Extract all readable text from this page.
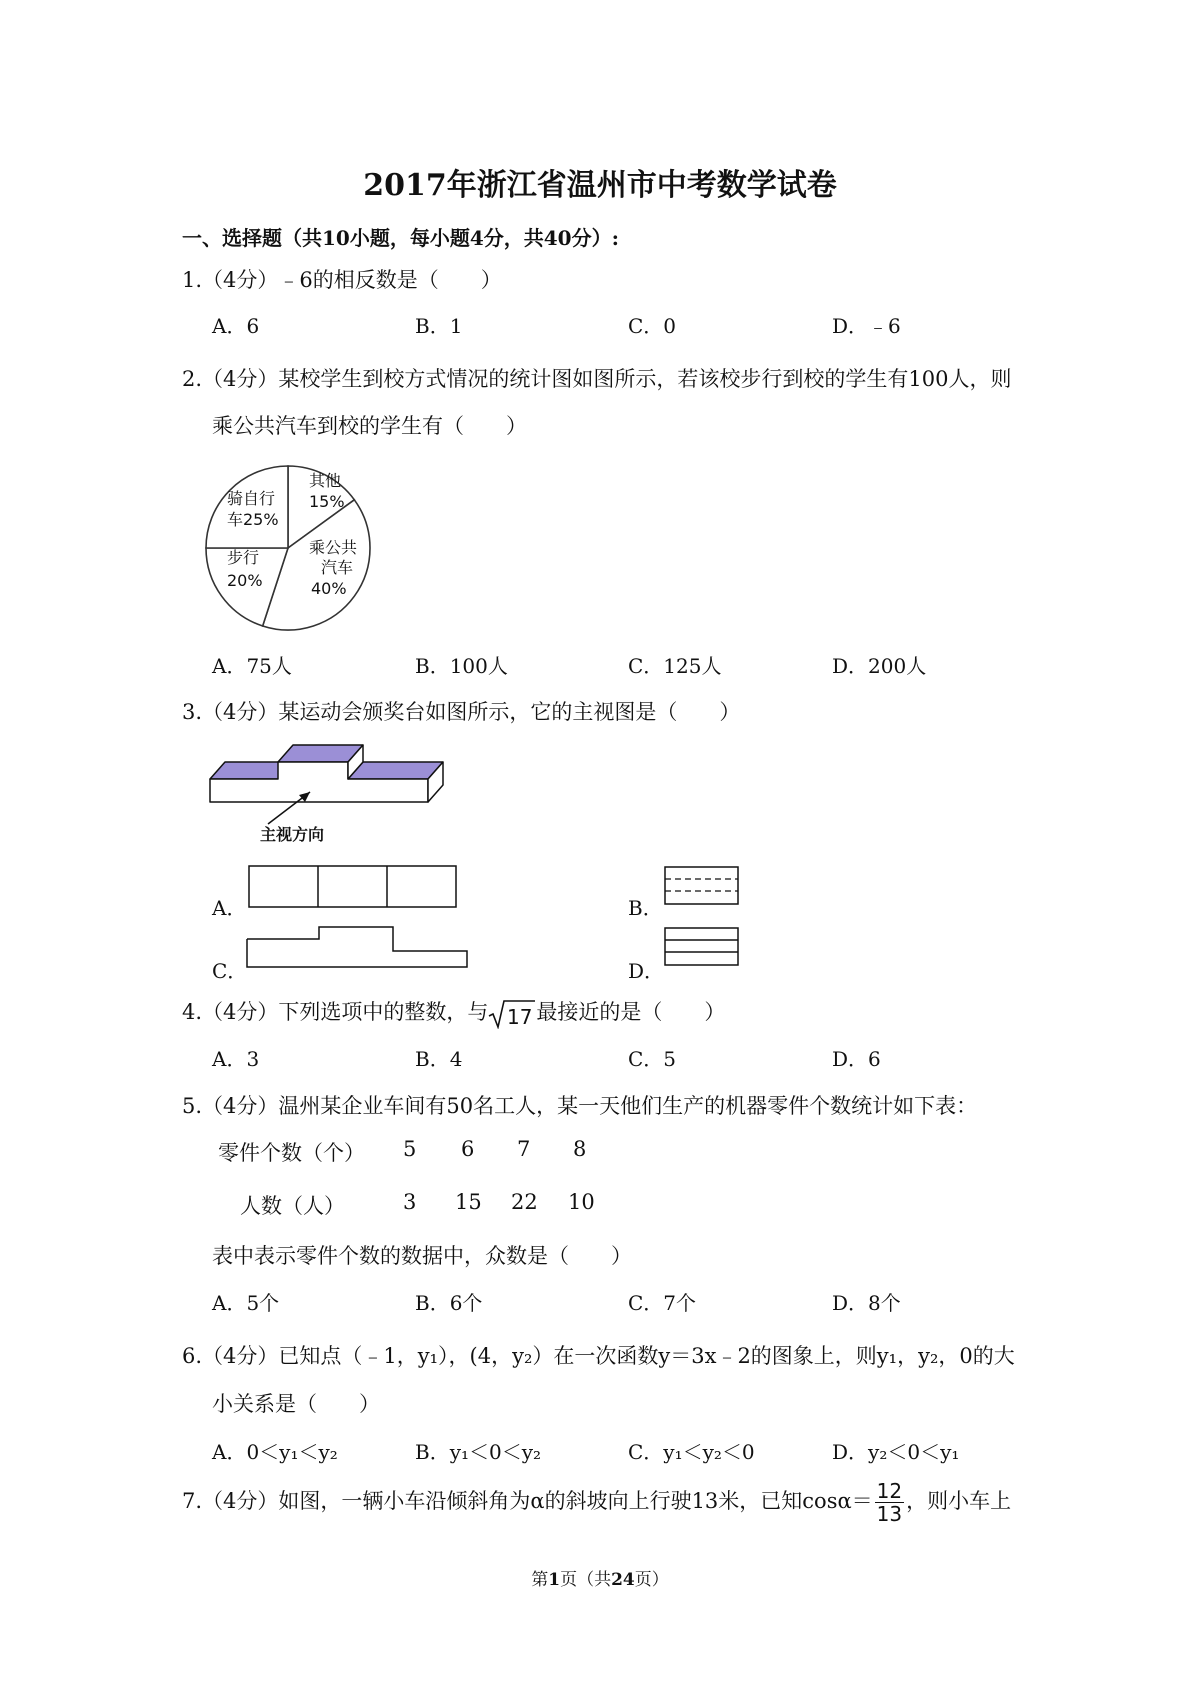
2017年浙江省温州市中考数学试卷
一、选择题（共10小题，每小题4分，共40分）:
1.（4分）﹣6的相反数是（　　）
A．6	B．1	C．0	D．﹣6
2.（4分）某校学生到校方式情况的统计图如图所示，若该校步行到校的学生有100人，则
乘公共汽车到校的学生有（　　）
其他
15%
乘公共
汽车
40%
步行
20%
骑自行
车25%
A．75人	B．100人	C．125人	D．200人
3.（4分）某运动会颁奖台如图所示，它的主视图是（　　）
主视方向
A．	B．
C．	D．
4.（4分）下列选项中的整数，与 17 最接近的是（　　）
A．3	B．4	C．5	D．6
5.（4分）温州某企业车间有50名工人，某一天他们生产的机器零件个数统计如下表：
零件个数（个） 5 6 7 8
人数（人）	3 15 22 10
表中表示零件个数的数据中，众数是（　　）
A．5个	B．6个	C．7个	D．8个
6.（4分）已知点（﹣1，y₁），(4，y₂）在一次函数y＝3x﹣2的图象上，则y₁，y₂，0的大
小关系是（　　）
A．0＜y₁＜y₂	B．y₁＜0＜y₂	C．y₁＜y₂＜0	D．y₂＜0＜y₁
7.（4分）如图，一辆小车沿倾斜角为α的斜坡向上行驶13米，已知$\cos\alpha= \frac{12}{13}$ ，则小车上
第1页（共24页）
